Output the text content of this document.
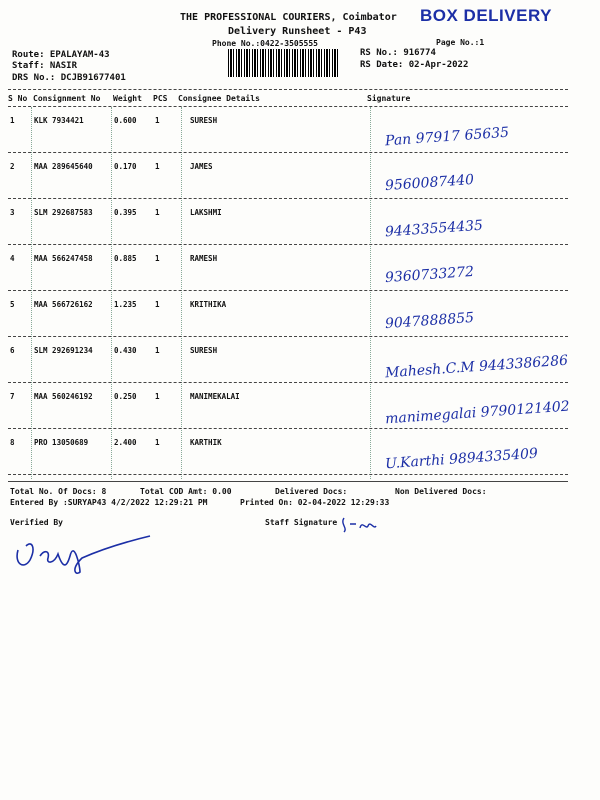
THE PROFESSIONAL COURIERS, Coimbator BOX DELIVERY
Delivery Runsheet - P43
Phone No.:0422-3505555	Page No.:1
RS No.: 916774
RS Date: 02-Apr-2022
Route: EPALAYAM-43
Staff: NASIR
DRS No.: DCJB91677401
S No Consignment No Weight PCS Consignee Details	Signature
1	KLK 7934421	0.600 1	SURESH
Pan 97917 65635
2	MAA 289645640	0.170 1	JAMES
9560087440
3	SLM 292687583	0.395 1	LAKSHMI
94433554435
4	MAA 566247458	0.885 1	RAMESH
9360733272
5	MAA 566726162	1.235 1	KRITHIKA
9047888855
6	SLM 292691234	0.430 1	SURESH
Mahesh.C.M 9443386286
7	MAA 560246192	0.250 1	MANIMEKALAI
manimegalai 9790121402
8	PRO 13050689	2.400 1	KARTHIK
U.Karthi 9894335409
Total No. Of Docs: 8	Total COD Amt: 0.00	Delivered Docs:	Non Delivered Docs:
Entered By :SURYAP43 4/2/2022 12:29:21 PM	Printed On: 02-04-2022 12:29:33
Verified By	Staff Signature
